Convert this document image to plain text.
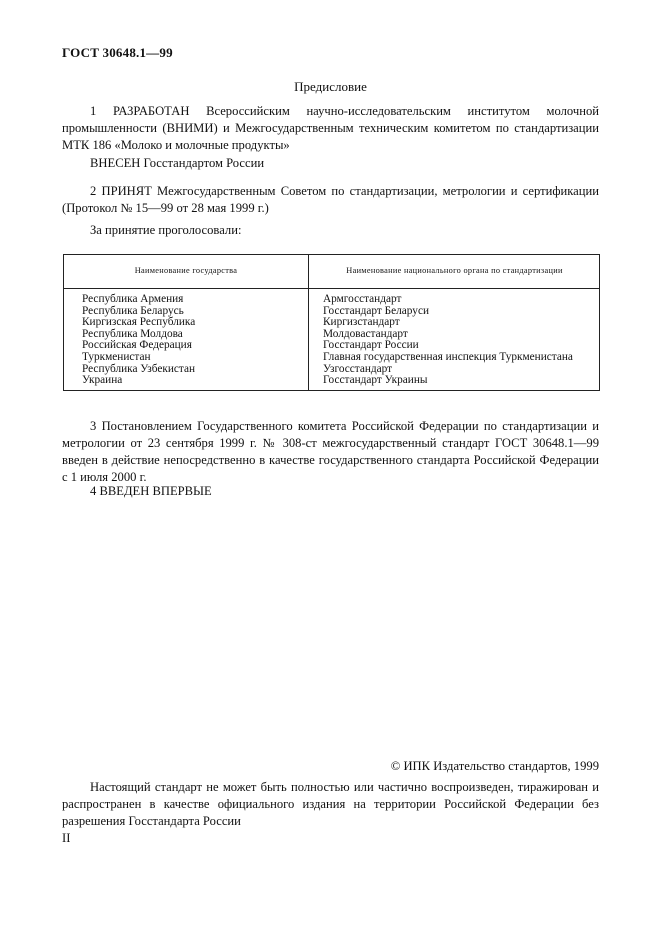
ГОСТ 30648.1—99
Предисловие
1 РАЗРАБОТАН Всероссийским научно-исследовательским институтом молочной промышленности (ВНИМИ) и Межгосударственным техническим комитетом по стандартизации МТК 186 «Молоко и молочные продукты»
ВНЕСЕН Госстандартом России
2 ПРИНЯТ Межгосударственным Советом по стандартизации, метрологии и сертификации (Протокол № 15—99 от 28 мая 1999 г.)
За принятие проголосовали:
Наименование государства	Наименование национального органа по стандартизации
Республика Армения
Республика Беларусь
Киргизская Республика
Республика Молдова
Российская Федерация
Туркменистан
Республика Узбекистан
Украина
Армгосстандарт
Госстандарт Беларуси
Киргизстандарт
Молдовастандарт
Госстандарт России
Главная государственная инспекция Туркменистана
Узгосстандарт
Госстандарт Украины
3 Постановлением Государственного комитета Российской Федерации по стандартизации и метрологии от 23 сентября 1999 г. № 308-ст межгосударственный стандарт ГОСТ 30648.1—99 введен в действие непосредственно в качестве государственного стандарта Российской Федерации с 1 июля 2000 г.
4 ВВЕДЕН ВПЕРВЫЕ
© ИПК Издательство стандартов, 1999
Настоящий стандарт не может быть полностью или частично воспроизведен, тиражирован и распространен в качестве официального издания на территории Российской Федерации без разрешения Госстандарта России
II
